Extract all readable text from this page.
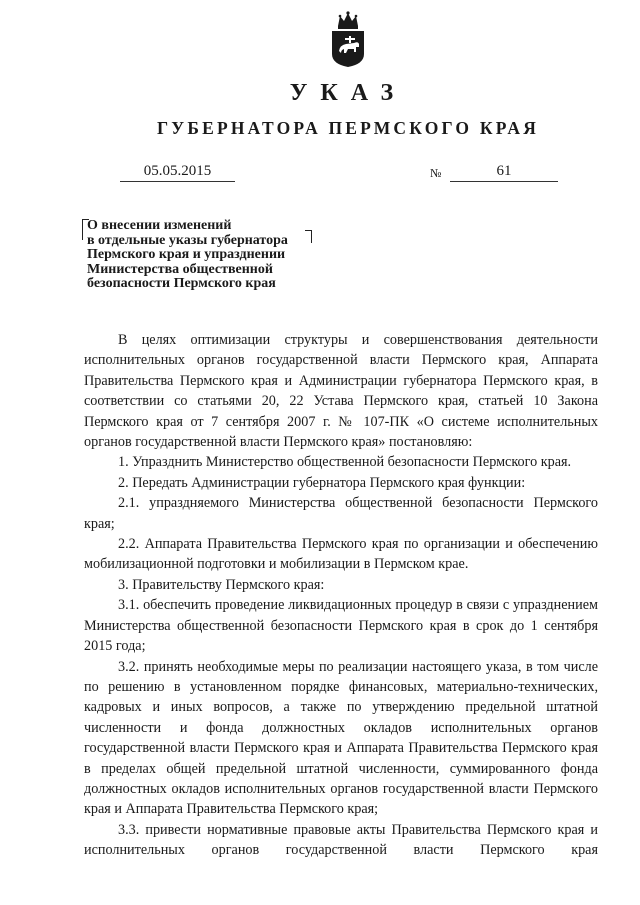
УКАЗ
ГУБЕРНАТОРА ПЕРМСКОГО КРАЯ
05.05.2015	№	61
О внесении изменений
в отдельные указы губернатора
Пермского края и упразднении
Министерства общественной
безопасности Пермского края

В целях оптимизации структуры и совершенствования деятельности исполнительных органов государственной власти Пермского края, Аппарата Правительства Пермского края и Администрации губернатора Пермского края, в соответствии со статьями 20, 22 Устава Пермского края, статьей 10 Закона Пермского края от 7 сентября 2007 г. № 107-ПК «О системе исполнительных органов государственной власти Пермского края» постановляю:

1. Упразднить Министерство общественной безопасности Пермского края.

2. Передать Администрации губернатора Пермского края функции:

2.1. упраздняемого Министерства общественной безопасности Пермского края;

2.2. Аппарата Правительства Пермского края по организации и обеспечению мобилизационной подготовки и мобилизации в Пермском крае.

3. Правительству Пермского края:

3.1. обеспечить проведение ликвидационных процедур в связи с упразднением Министерства общественной безопасности Пермского края в срок до 1 сентября 2015 года;

3.2. принять необходимые меры по реализации настоящего указа, в том числе по решению в установленном порядке финансовых, материально-технических, кадровых и иных вопросов, а также по утверждению предельной штатной численности и фонда должностных окладов исполнительных органов государственной власти Пермского края и Аппарата Правительства Пермского края в пределах общей предельной штатной численности, суммированного фонда должностных окладов исполнительных органов государственной власти Пермского края и Аппарата Правительства Пермского края;

3.3. привести нормативные правовые акты Правительства Пермского края и исполнительных органов государственной власти Пермского края
